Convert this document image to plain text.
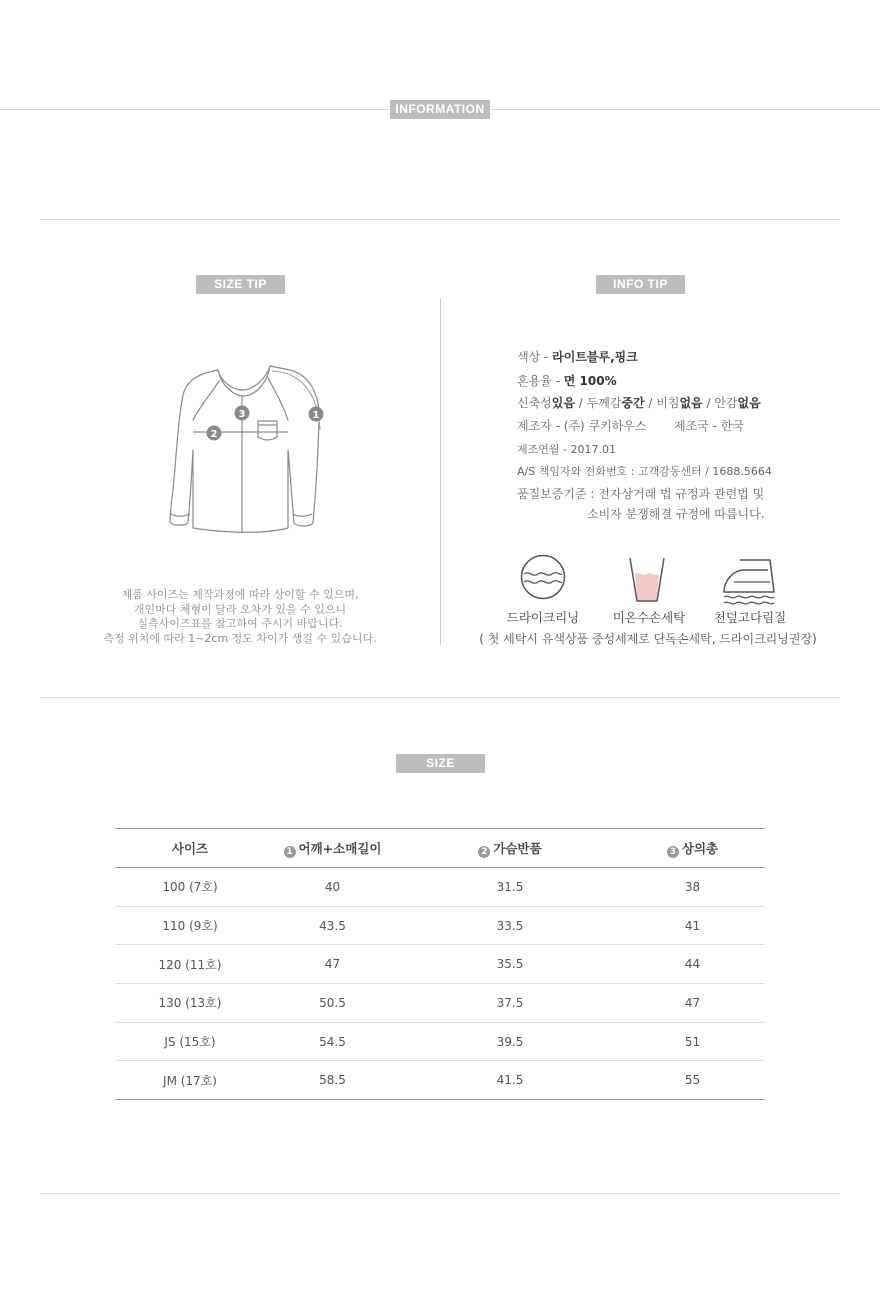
INFORMATION
SIZE TIP
3
2
1
제품 사이즈는 제작과정에 따라 상이할 수 있으며,
개인마다 체형이 달라 오차가 있을 수 있으니
실측사이즈표를 참고하여 주시기 바랍니다.
측정 위치에 따라 1~2cm 정도 차이가 생길 수 있습니다.
INFO TIP
색상 - 라이트블루,핑크
혼용율 - 면 100%
신축성있음 / 두께감중간 / 비침없음 / 안감없음
제조자 - (주) 쿠키하우스 제조국 - 한국
제조연월 - 2017.01
A/S 책임자와 전화번호 : 고객감동센터 / 1688.5664
품질보증기준 : 전자상거래 법 규정과 관련법 및
소비자 분쟁해결 규정에 따릅니다.
드라이크리닝	미온수손세탁	천덮고다림질
( 첫 세탁시 유색상품 중성세제로 단독손세탁, 드라이크리닝권장)
SIZE
사이즈	1 어깨+소매길이	2 가슴반품	3 상의총
100 (7호)	40	31.5	38
110 (9호)	43.5	33.5	41
120 (11호)	47	35.5	44
130 (13호)	50.5	37.5	47
JS (15호)	54.5	39.5	51
JM (17호)	58.5	41.5	55
